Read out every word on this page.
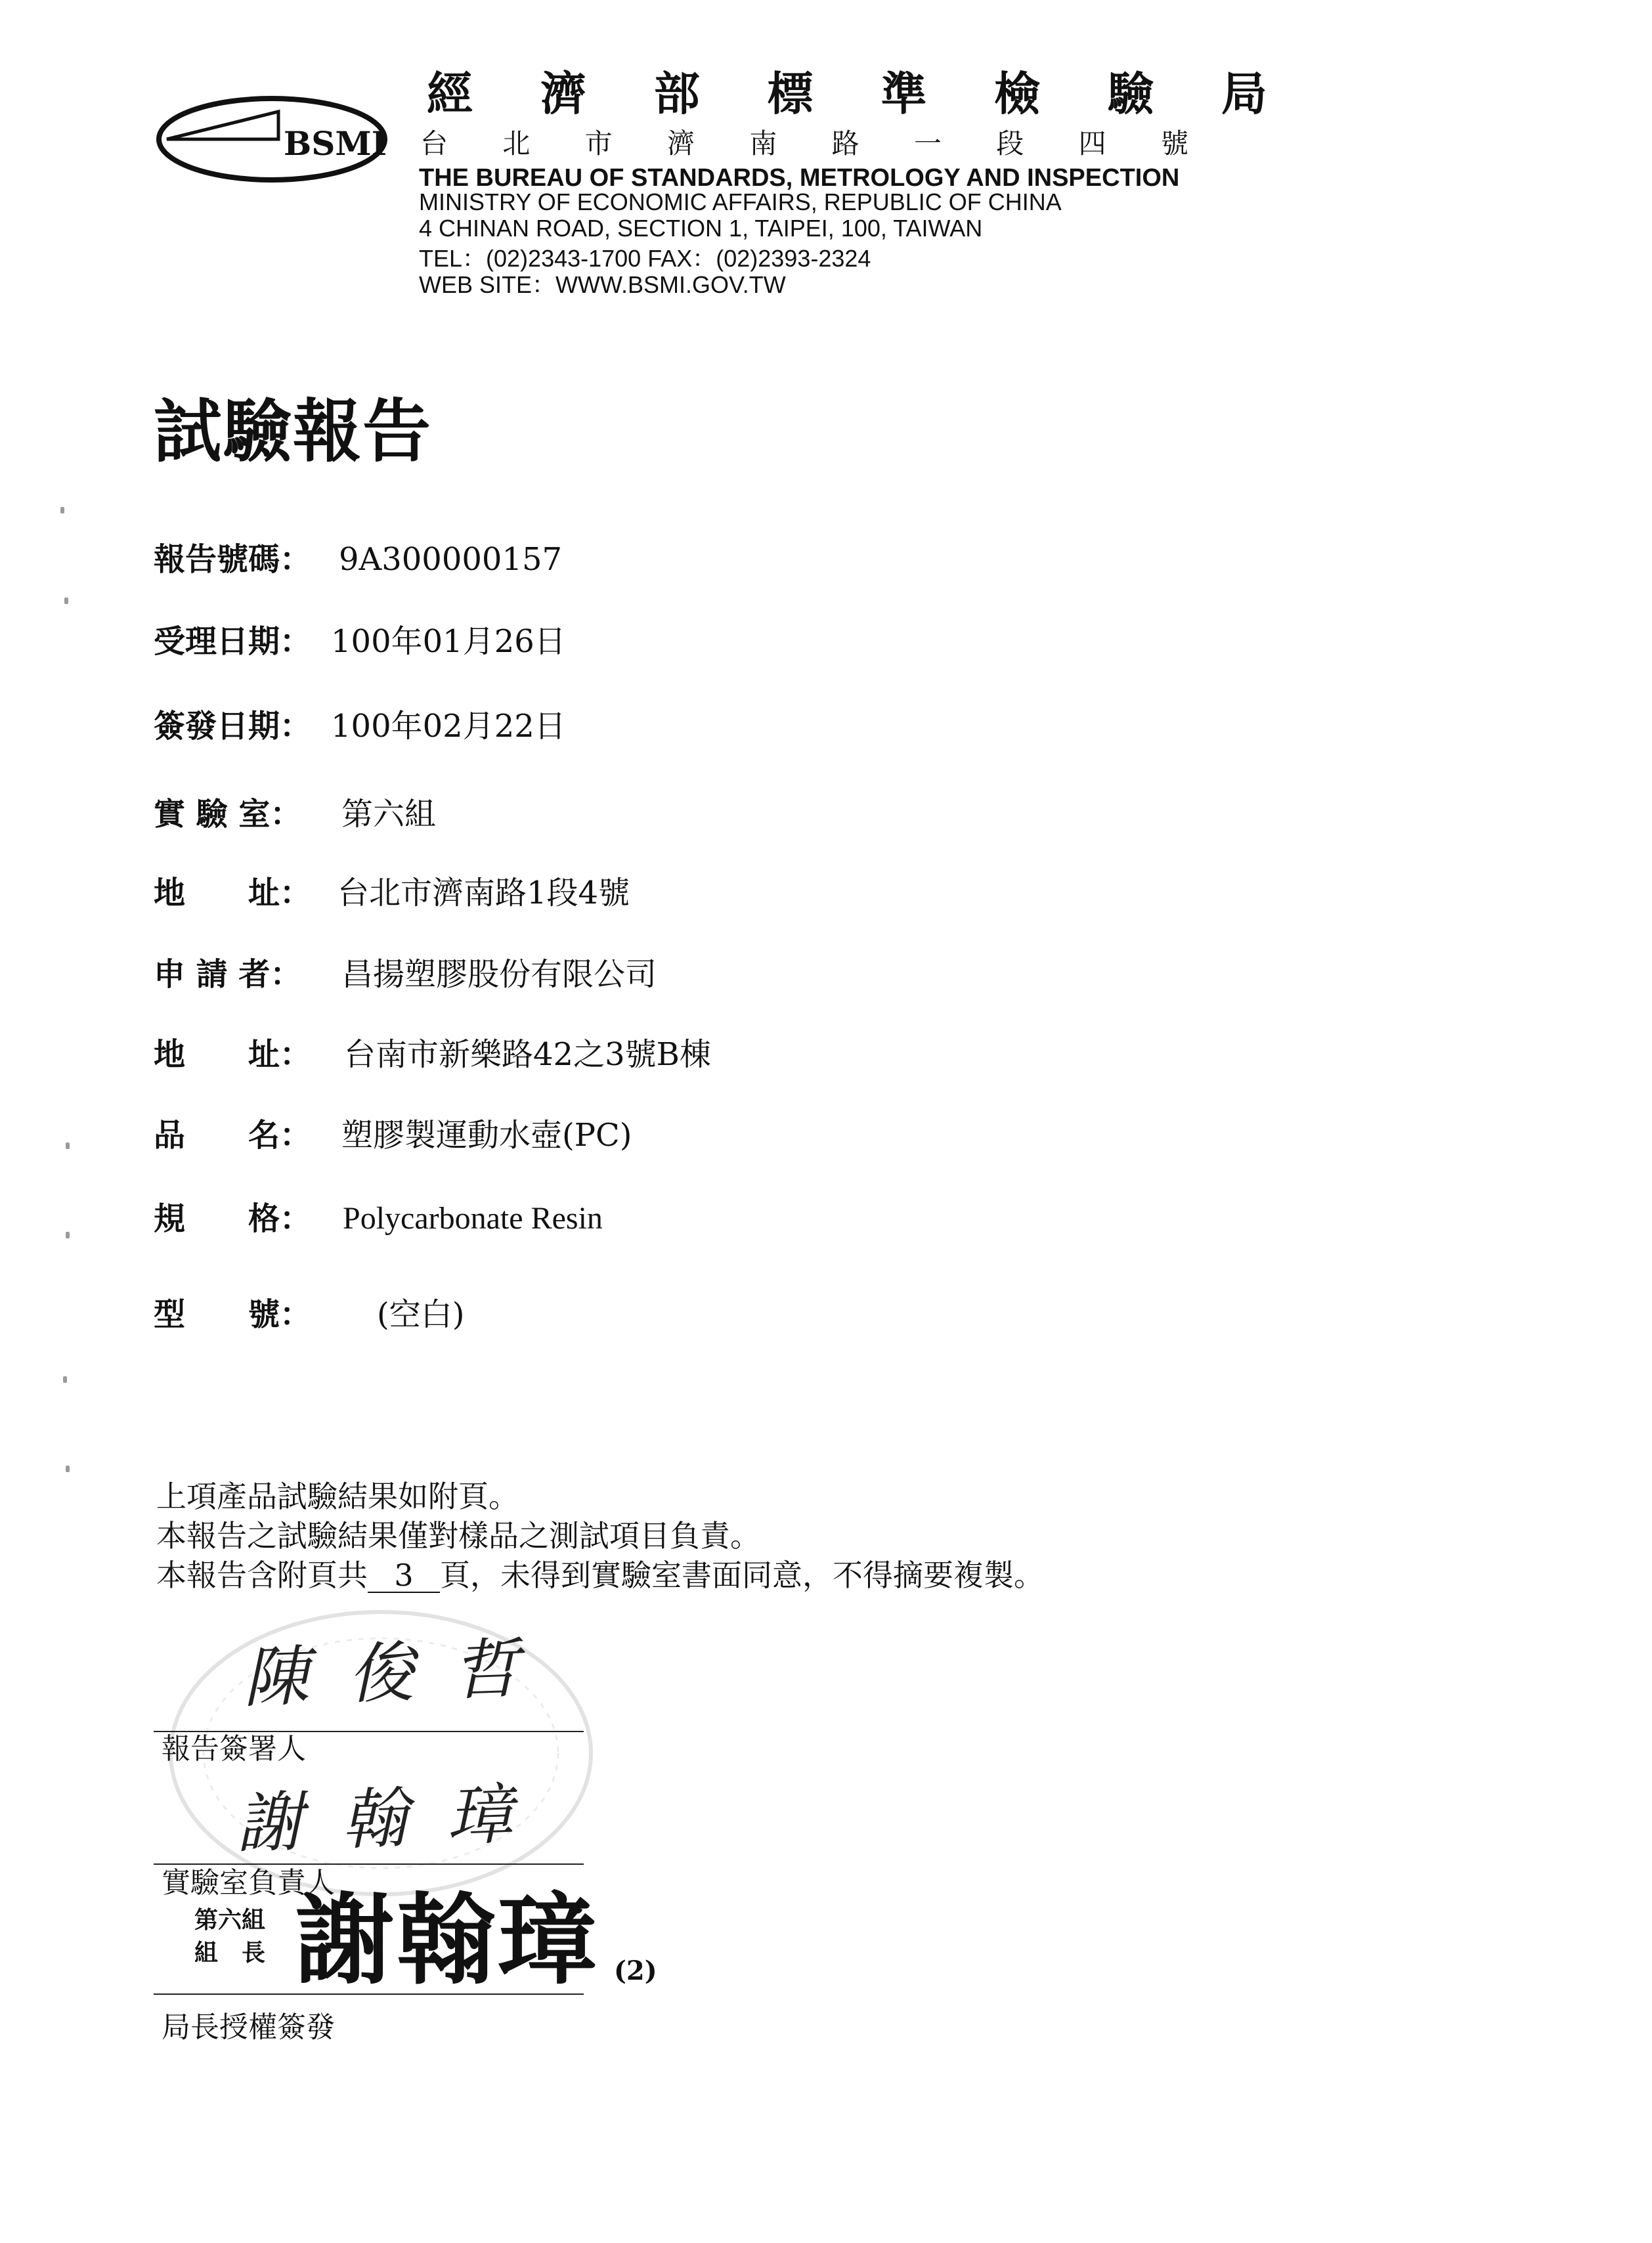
BSMI
經 濟 部 標 準 檢 驗 局
台 北 市 濟 南 路 一 段 四 號
THE BUREAU OF STANDARDS, METROLOGY AND INSPECTION
MINISTRY OF ECONOMIC AFFAIRS, REPUBLIC OF CHINA
4 CHINAN ROAD, SECTION 1, TAIPEI, 100, TAIWAN
TEL：(02)2343-1700 FAX：(02)2393-2324
WEB SITE：WWW.BSMI.GOV.TW
試驗報告
報告號碼： 9A300000157
受理日期： 100年01月26日
簽發日期： 100年02月22日
實 驗 室： 第六組
地　　址： 台北市濟南路1段4號
申 請 者： 昌揚塑膠股份有限公司
地　　址： 台南市新樂路42之3號B棟
品　　名： 塑膠製運動水壺(PC)
規　　格： Polycarbonate Resin
型　　號： (空白)
上項產品試驗結果如附頁。
本報告之試驗結果僅對樣品之測試項目負責。
本報告含附頁共 3 頁，未得到實驗室書面同意，不得摘要複製。
陳俊哲
報告簽署人
謝翰璋
實驗室負責人
第六組
組　長 謝翰璋 (2)
局長授權簽發
